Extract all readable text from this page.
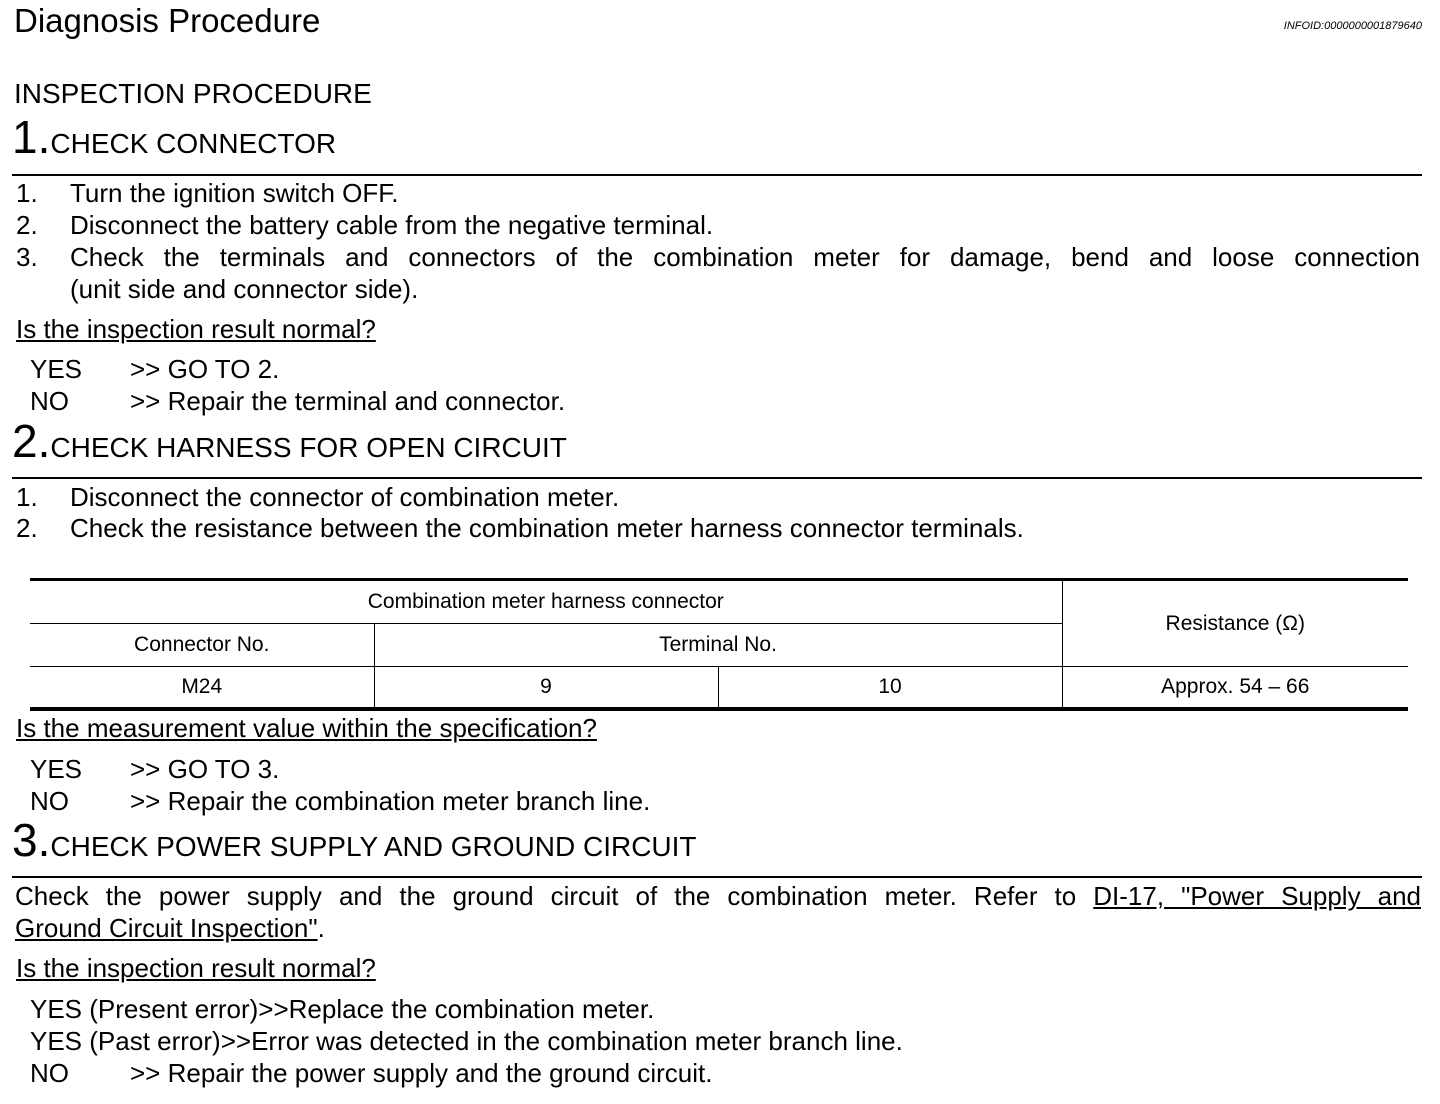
Diagnosis Procedure	INFOID:0000000001879640
INSPECTION PROCEDURE
1.CHECK CONNECTOR
1. Turn the ignition switch OFF.
2. Disconnect the battery cable from the negative terminal.
3. Check the terminals and connectors of the combination meter for damage, bend and loose connection
(unit side and connector side).
Is the inspection result normal?
YES >> GO TO 2.
NO >> Repair the terminal and connector.
2.CHECK HARNESS FOR OPEN CIRCUIT
1. Disconnect the connector of combination meter.
2. Check the resistance between the combination meter harness connector terminals.
Combination meter harness connector			Resistance (Ω)
Connector No.	Terminal No.		
M24	9	10	Approx. 54 – 66
Is the measurement value within the specification?
YES >> GO TO 3.
NO >> Repair the combination meter branch line.
3.CHECK POWER SUPPLY AND GROUND CIRCUIT
Check the power supply and the ground circuit of the combination meter. Refer to DI-17, "Power Supply and
Ground Circuit Inspection".
Is the inspection result normal?
YES (Present error)>>Replace the combination meter.
YES (Past error)>>Error was detected in the combination meter branch line.
NO >> Repair the power supply and the ground circuit.
